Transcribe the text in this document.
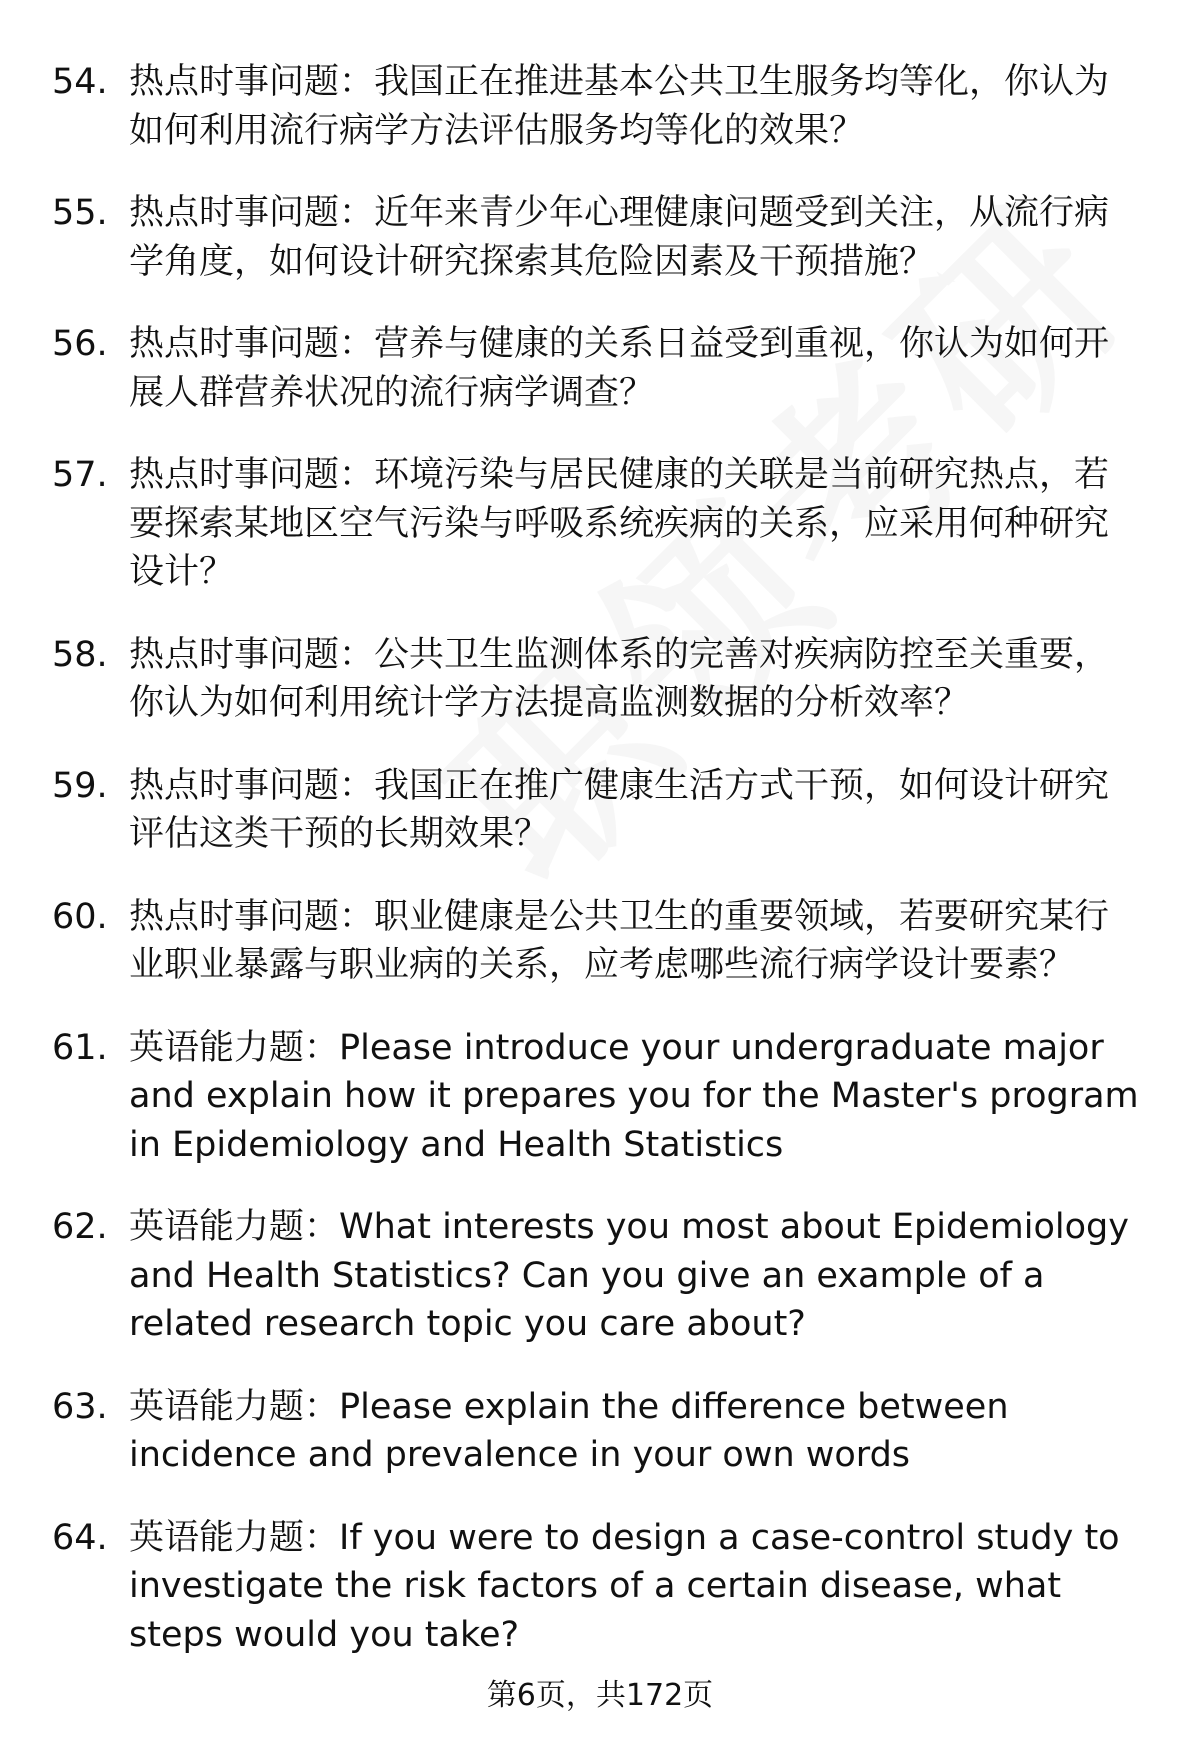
54. 热点时事问题：我国正在推进基本公共卫生服务均等化，你认为如何利用流行病学方法评估服务均等化的效果？
55. 热点时事问题：近年来青少年心理健康问题受到关注，从流行病学角度，如何设计研究探索其危险因素及干预措施？
56. 热点时事问题：营养与健康的关系日益受到重视，你认为如何开展人群营养状况的流行病学调查？
57. 热点时事问题：环境污染与居民健康的关联是当前研究热点，若要探索某地区空气污染与呼吸系统疾病的关系，应采用何种研究设计？
58. 热点时事问题：公共卫生监测体系的完善对疾病防控至关重要，你认为如何利用统计学方法提高监测数据的分析效率？
59. 热点时事问题：我国正在推广健康生活方式干预，如何设计研究评估这类干预的长期效果？
60. 热点时事问题：职业健康是公共卫生的重要领域，若要研究某行业职业暴露与职业病的关系，应考虑哪些流行病学设计要素？
61. 英语能力题：Please introduce your undergraduate major and explain how it prepares you for the Master's program in Epidemiology and Health Statistics
62. 英语能力题：What interests you most about Epidemiology and Health Statistics? Can you give an example of a related research topic you care about?
63. 英语能力题：Please explain the difference between incidence and prevalence in your own words
64. 英语能力题：If you were to design a case-control study to investigate the risk factors of a certain disease, what steps would you take?
第6页，共172页
